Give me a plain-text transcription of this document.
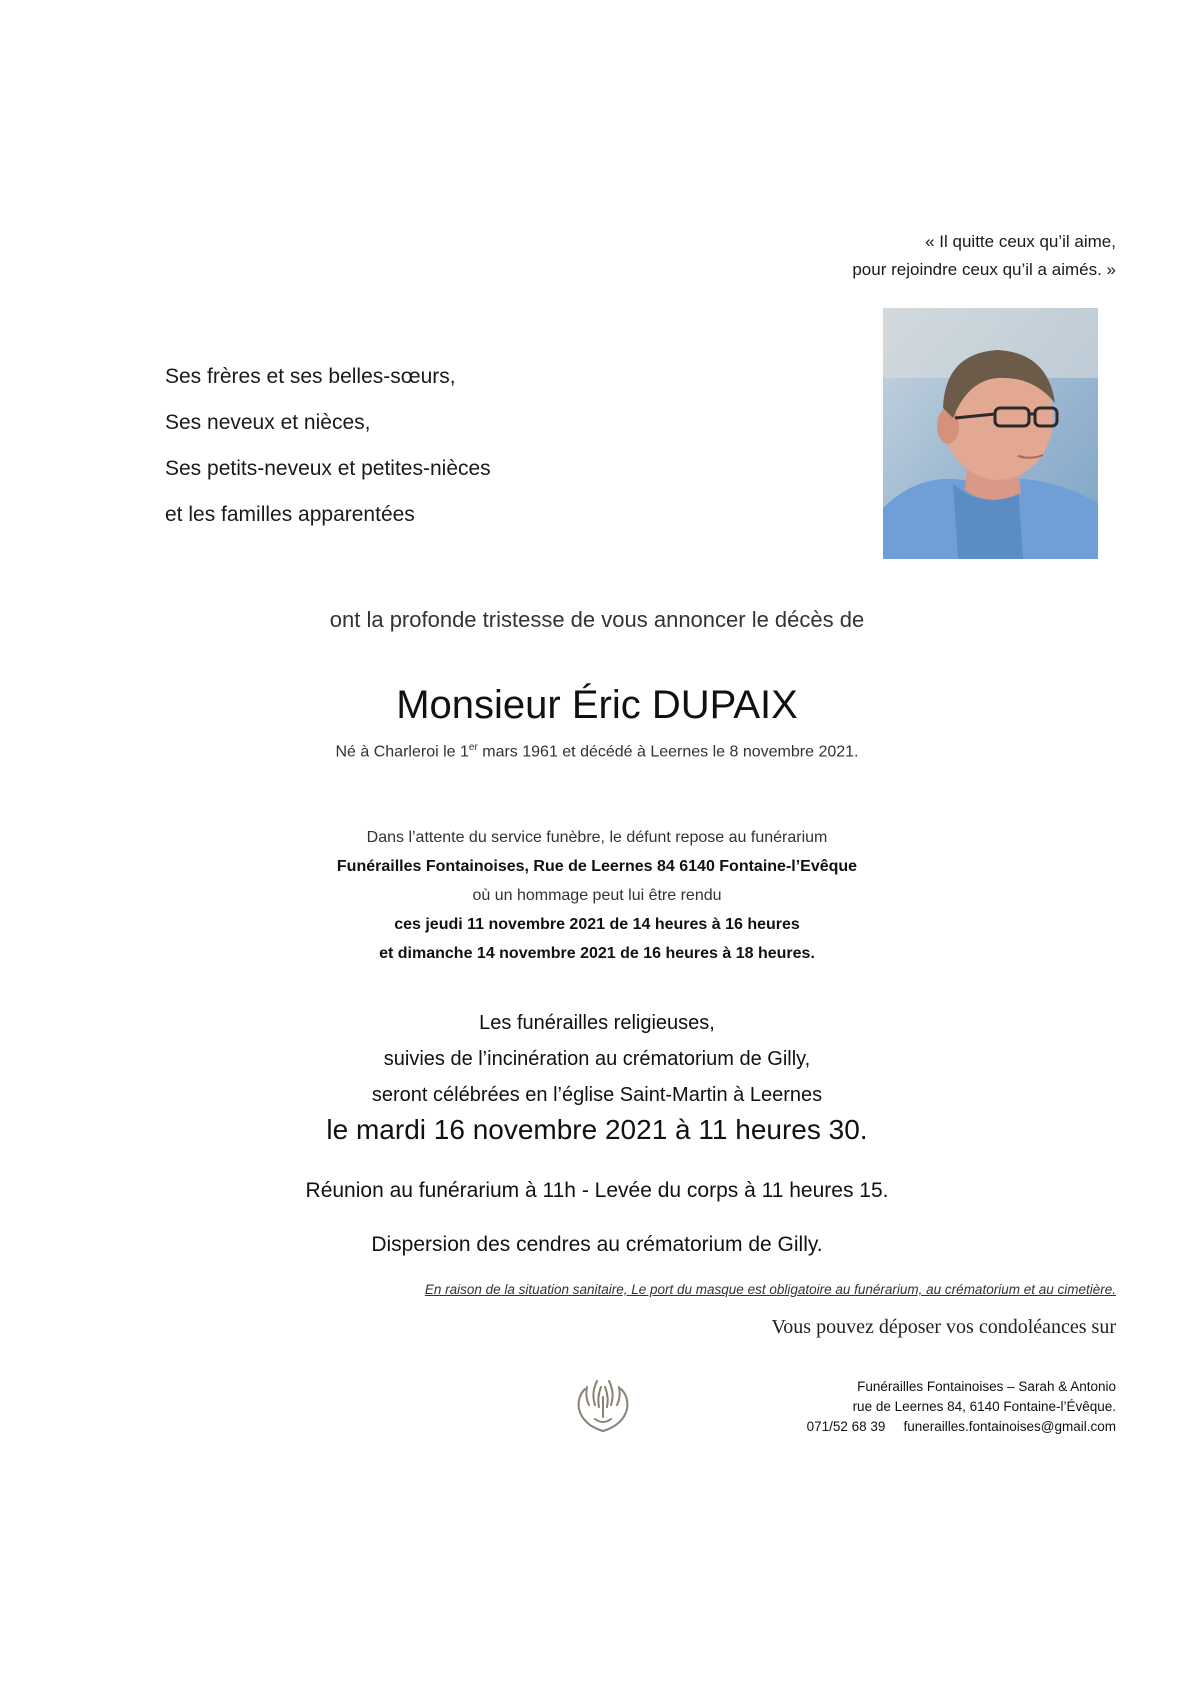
« Il quitte ceux qu’il aime,
pour rejoindre ceux qu’il a aimés. »
Ses frères et ses belles-sœurs,
Ses neveux et nièces,
Ses petits-neveux et petites-nièces
et les familles apparentées
ont la profonde tristesse de vous annoncer le décès de
Monsieur Éric DUPAIX
Né à Charleroi le 1er mars 1961 et décédé à Leernes le 8 novembre 2021.
Dans l’attente du service funèbre, le défunt repose au funérarium
Funérailles Fontainoises, Rue de Leernes 84 6140 Fontaine-l’Evêque
où un hommage peut lui être rendu
ces jeudi 11 novembre 2021 de 14 heures à 16 heures
et dimanche 14 novembre 2021 de 16 heures à 18 heures.
Les funérailles religieuses,
suivies de l’incinération au crématorium de Gilly,
seront célébrées en l’église Saint-Martin à Leernes
le mardi 16 novembre 2021 à 11 heures 30.
Réunion au funérarium à 11h - Levée du corps à 11 heures 15.
Dispersion des cendres au crématorium de Gilly.
En raison de la situation sanitaire, Le port du masque est obligatoire au funérarium, au crématorium et au cimetière.
Vous pouvez déposer vos condoléances sur
Funérailles Fontainoises – Sarah & Antonio
rue de Leernes 84, 6140 Fontaine-l’Évêque.
071/52 68 39 funerailles.fontainoises@gmail.com
